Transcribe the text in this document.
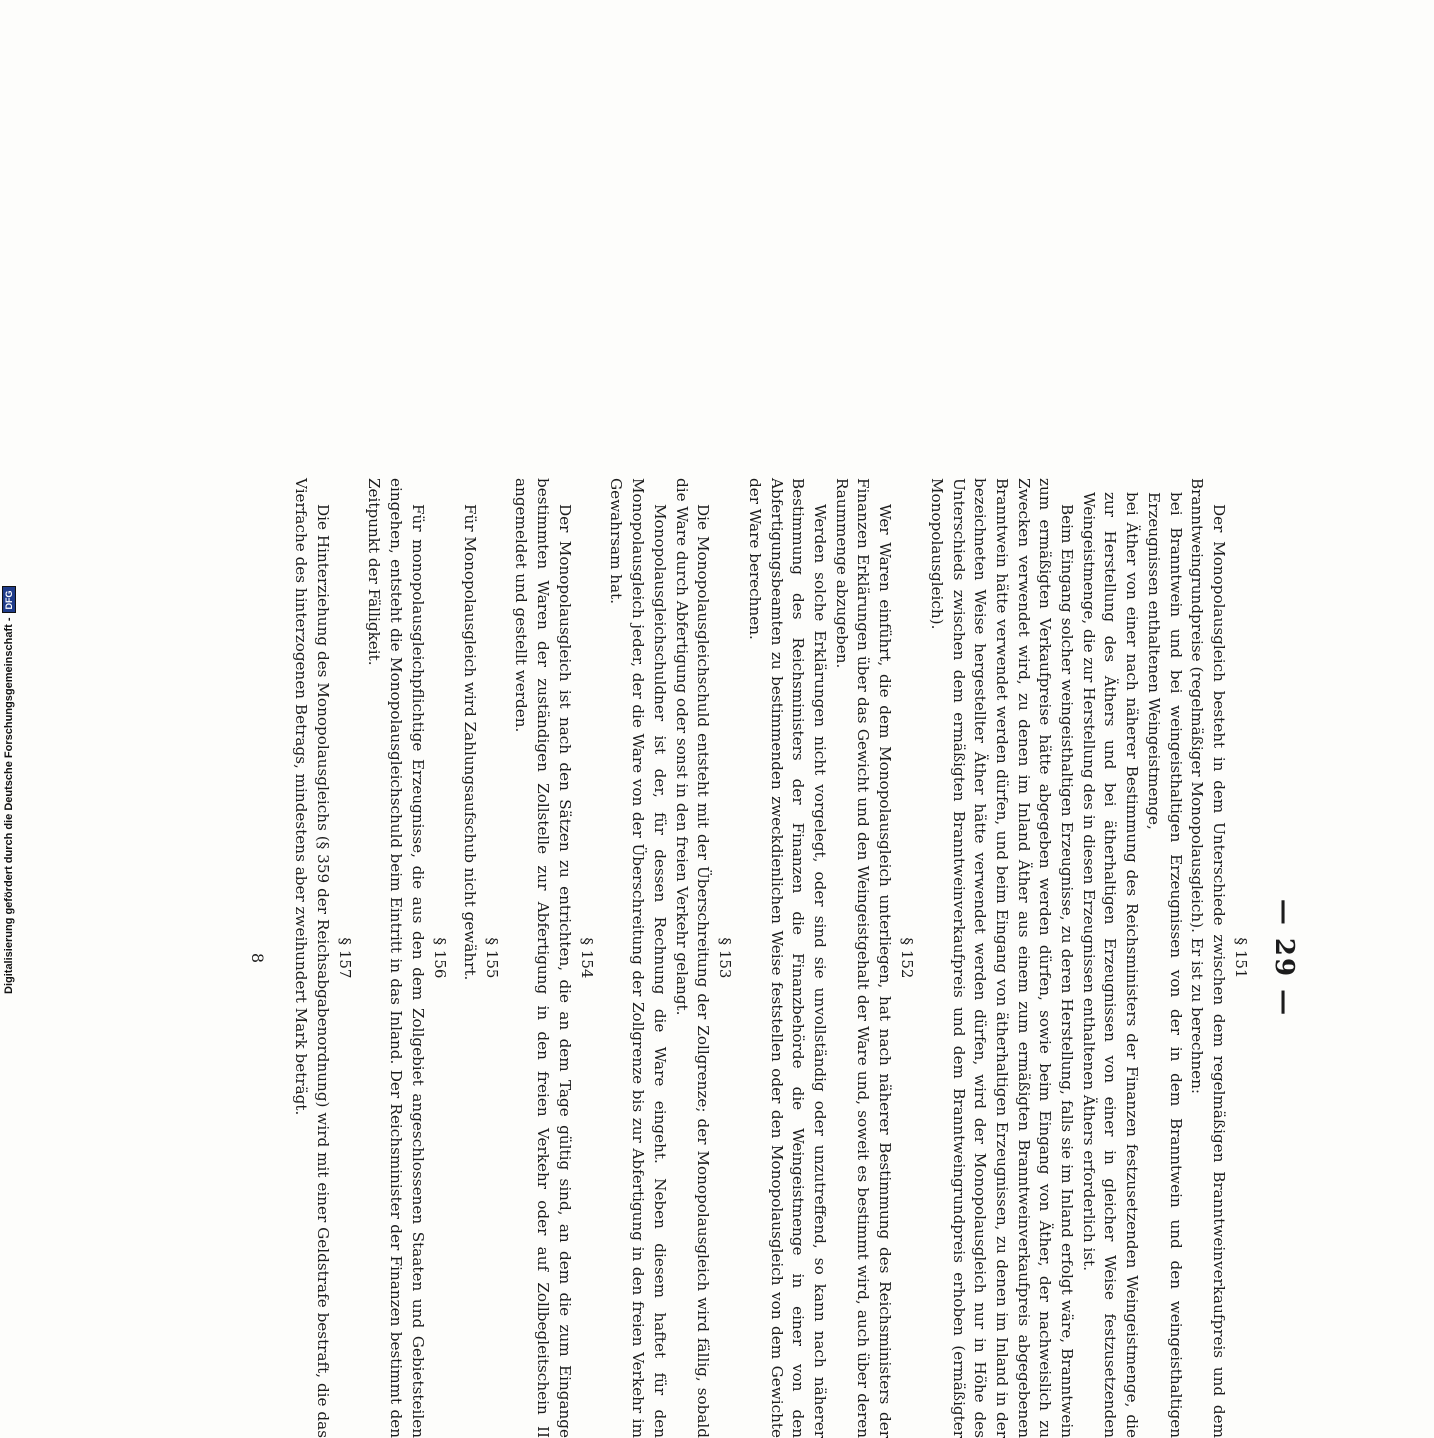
— 29 —
§ 151

Der Monopolausgleich besteht in dem Unterschiede zwischen dem regelmäßigen Branntweinverkaufpreis und dem Branntweingrundpreise (regelmäßiger Monopolausgleich). Er ist zu berechnen:

bei Branntwein und bei weingeisthaltigen Erzeugnissen von der in dem Branntwein und den weingeisthaltigen Erzeugnissen enthaltenen Weingeistmenge,

bei Äther von einer nach näherer Bestimmung des Reichsministers der Finanzen festzusetzenden Weingeistmenge, die zur Herstellung des Äthers und bei ätherhaltigen Erzeugnissen von einer in gleicher Weise festzusetzenden Weingeistmenge, die zur Herstellung des in diesen Erzeugnissen enthaltenen Äthers erforderlich ist.

Beim Eingang solcher weingeisthaltigen Erzeugnisse, zu deren Herstellung, falls sie im Inland erfolgt wäre, Branntwein zum ermäßigten Verkaufpreise hätte abgegeben werden dürfen, sowie beim Eingang von Äther, der nachweislich zu Zwecken verwendet wird, zu denen im Inland Äther aus einem zum ermäßigten Branntweinverkaufpreis abgegebenen Branntwein hätte verwendet werden dürfen, und beim Eingang von ätherhaltigen Erzeugnissen, zu denen im Inland in der bezeichneten Weise hergestellter Äther hätte verwendet werden dürfen, wird der Monopolausgleich nur in Höhe des Unterschieds zwischen dem ermäßigten Branntweinverkaufpreis und dem Branntweingrundpreis erhoben (ermäßigter Monopolausgleich).

§ 152

Wer Waren einführt, die dem Monopolausgleich unterliegen, hat nach näherer Bestimmung des Reichsministers der Finanzen Erklärungen über das Gewicht und den Weingeistgehalt der Ware und, soweit es bestimmt wird, auch über deren Raummenge abzugeben.

Werden solche Erklärungen nicht vorgelegt, oder sind sie unvollständig oder unzutreffend, so kann nach näherer Bestimmung des Reichsministers der Finanzen die Finanzbehörde die Weingeistmenge in einer von den Abfertigungsbeamten zu bestimmenden zweckdienlichen Weise feststellen oder den Monopolausgleich von dem Gewichte der Ware berechnen.

§ 153

Die Monopolausgleichschuld entsteht mit der Überschreitung der Zollgrenze; der Monopolausgleich wird fällig, sobald die Ware durch Abfertigung oder sonst in den freien Verkehr gelangt.

Monopolausgleichschuldner ist der, für dessen Rechnung die Ware eingeht. Neben diesem haftet für den Monopolausgleich jeder, der die Ware von der Überschreitung der Zollgrenze bis zur Abfertigung in den freien Verkehr im Gewahrsam hat.

§ 154

Der Monopolausgleich ist nach den Sätzen zu entrichten, die an dem Tage gültig sind, an dem die zum Eingange bestimmten Waren der zuständigen Zollstelle zur Abfertigung in den freien Verkehr oder auf Zollbegleitschein II angemeldet und gestellt werden.

§ 155

Für Monopolausgleich wird Zahlungsaufschub nicht gewährt.

§ 156

Für monopolausgleichpflichtige Erzeugnisse, die aus den dem Zollgebiet angeschlossenen Staaten und Gebietsteilen eingehen, entsteht die Monopolausgleichschuld beim Eintritt in das Inland. Der Reichsminister der Finanzen bestimmt den Zeitpunkt der Fälligkeit.

§ 157

Die Hinterziehung des Monopolausgleichs (§ 359 der Reichsabgabenordnung) wird mit einer Geldstrafe bestraft, die das Vierfache des hinterzogenen Betrags, mindestens aber zweihundert Mark beträgt.

8
Digitalisierung gefördert durch die Deutsche Forschungsgemeinschaft -
DFG
